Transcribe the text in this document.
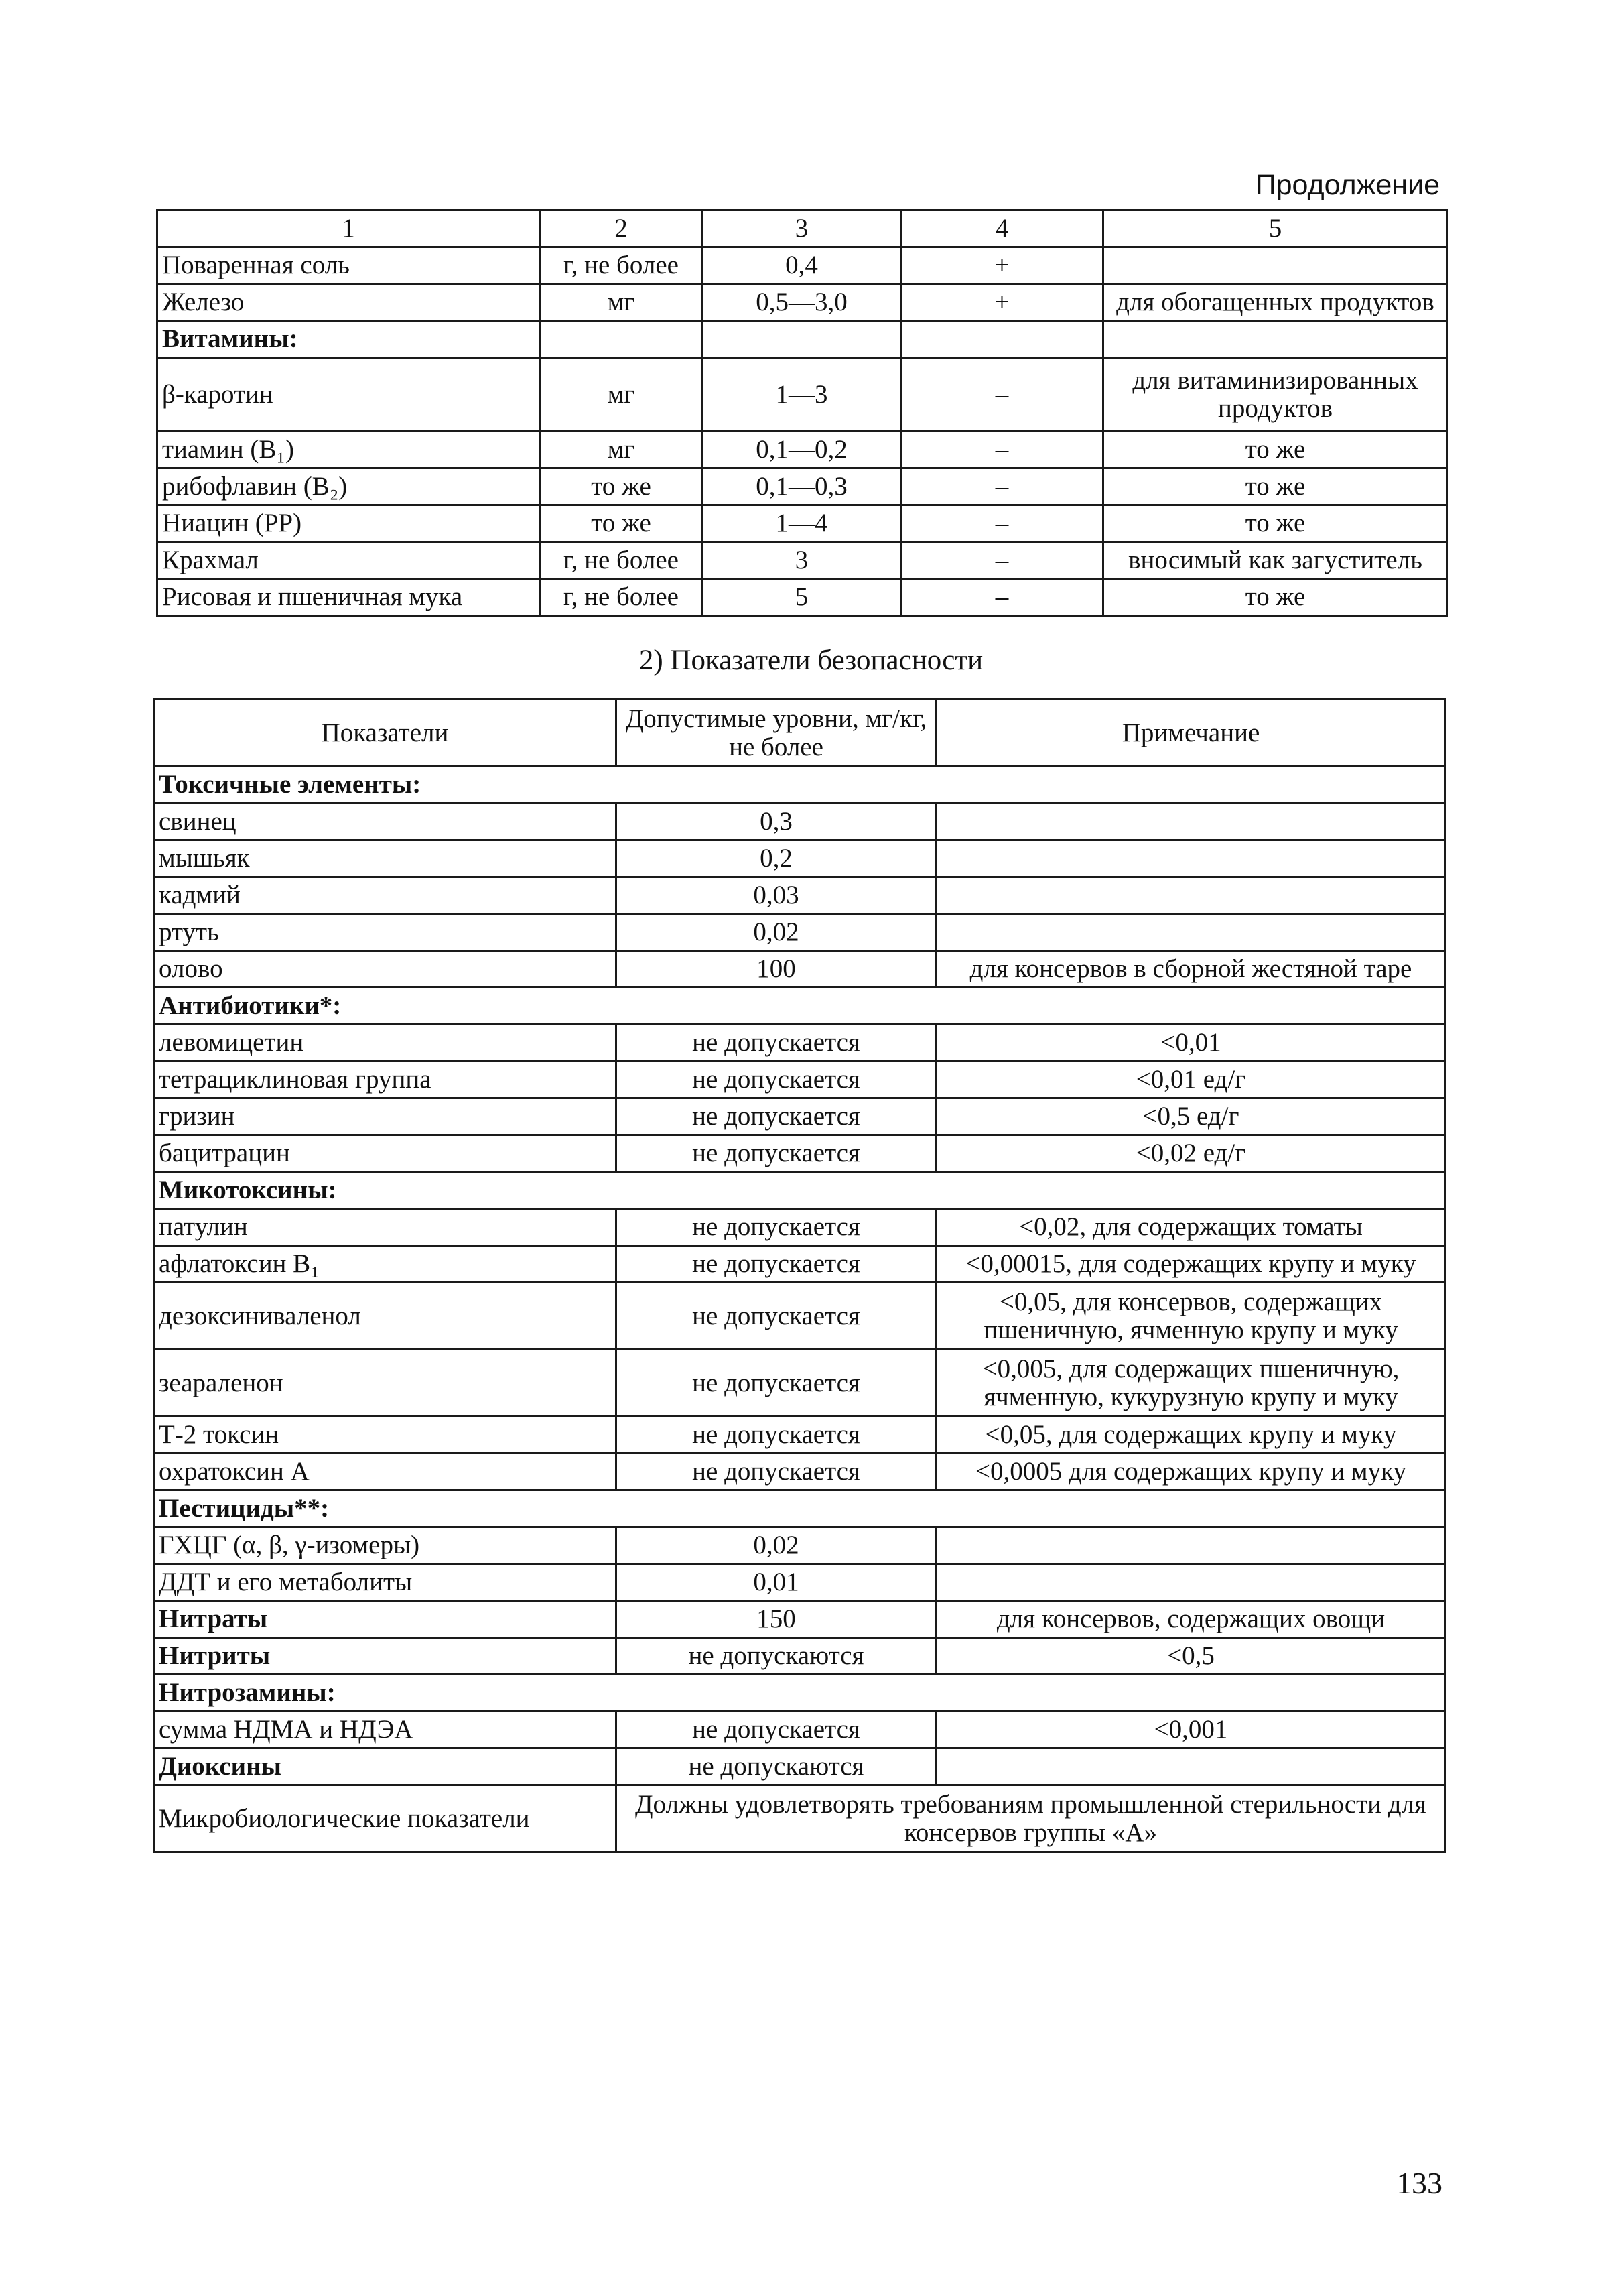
Продолжение
1	2	3	4	5
Поваренная соль	г, не более	0,4	+	
Железо	мг	0,5—3,0	+	для обогащенных продуктов
Витамины:				
β-каротин	мг	1—3	–	для витаминизированных продуктов
тиамин (B₁)	мг	0,1—0,2	–	то же
рибофлавин (B₂)	то же	0,1—0,3	–	то же
Ниацин (PP)	то же	1—4	–	то же
Крахмал	г, не более	3	–	вносимый как загуститель
Рисовая и пшеничная мука	г, не более	5	–	то же
2) Показатели безопасности
Показатели	Допустимые уровни, мг/кг, не более	Примечание
Токсичные элементы:		
свинец	0,3	
мышьяк	0,2	
кадмий	0,03	
ртуть	0,02	
олово	100	для консервов в сборной жестяной таре
Антибиотики*:		
левомицетин	не допускается	<0,01
тетрациклиновая группа	не допускается	<0,01 ед/г
гризин	не допускается	<0,5 ед/г
бацитрацин	не допускается	<0,02 ед/г
Микотоксины:		
патулин	не допускается	<0,02, для содержащих томаты
афлатоксин B₁	не допускается	<0,00015, для содержащих крупу и муку
дезоксиниваленол	не допускается	<0,05, для консервов, содержащих пшеничную, ячменную крупу и муку
зеараленон	не допускается	<0,005, для содержащих пшеничную, ячменную, кукурузную крупу и муку
Т-2 токсин	не допускается	<0,05, для содержащих крупу и муку
охратоксин А	не допускается	<0,0005 для содержащих крупу и муку
Пестициды**:		
ГХЦГ (α, β, γ-изомеры)	0,02	
ДДТ и его метаболиты	0,01	
Нитраты	150	для консервов, содержащих овощи
Нитриты	не допускаются	<0,5
Нитрозамины:		
сумма НДМА и НДЭА	не допускается	<0,001
Диоксины	не допускаются	
Микробиологические показатели	Должны удовлетворять требованиям промышленной стерильности для консервов группы «А»	
133
